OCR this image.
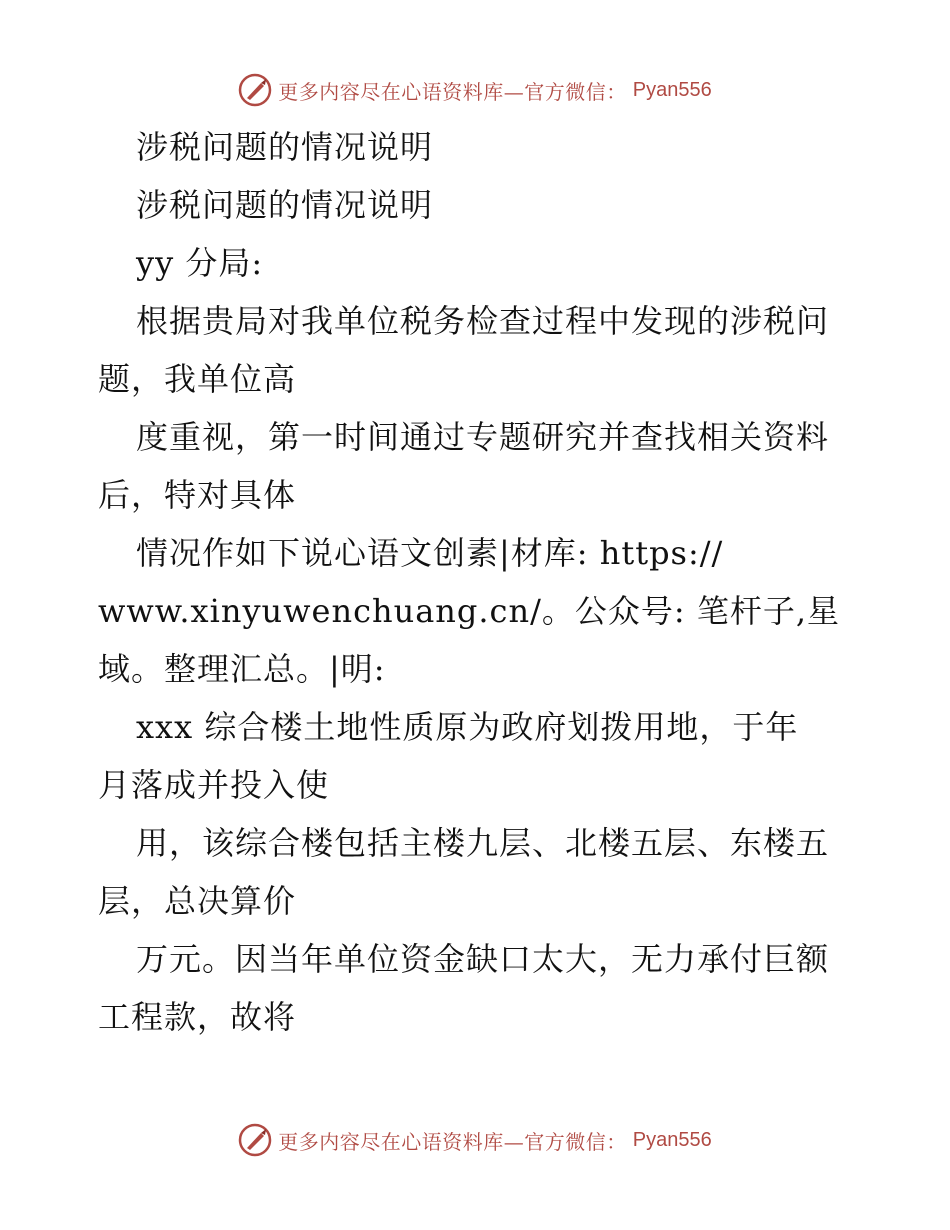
更多内容尽在心语资料库—官方微信： Pyan556
涉税问题的情况说明
涉税问题的情况说明
yy 分局:
根据贵局对我单位税务检查过程中发现的涉税问
题，我单位高
度重视，第一时间通过专题研究并查找相关资料
后，特对具体
情况作如下说心语文创素|材库: https://
www.xinyuwenchuang.cn/。公众号: 笔杆子,星
域。整理汇总。|明:
xxx 综合楼土地性质原为政府划拨用地，于年
月落成并投入使
用，该综合楼包括主楼九层、北楼五层、东楼五
层，总决算价
万元。因当年单位资金缺口太大，无力承付巨额
工程款，故将
更多内容尽在心语资料库—官方微信： Pyan556
